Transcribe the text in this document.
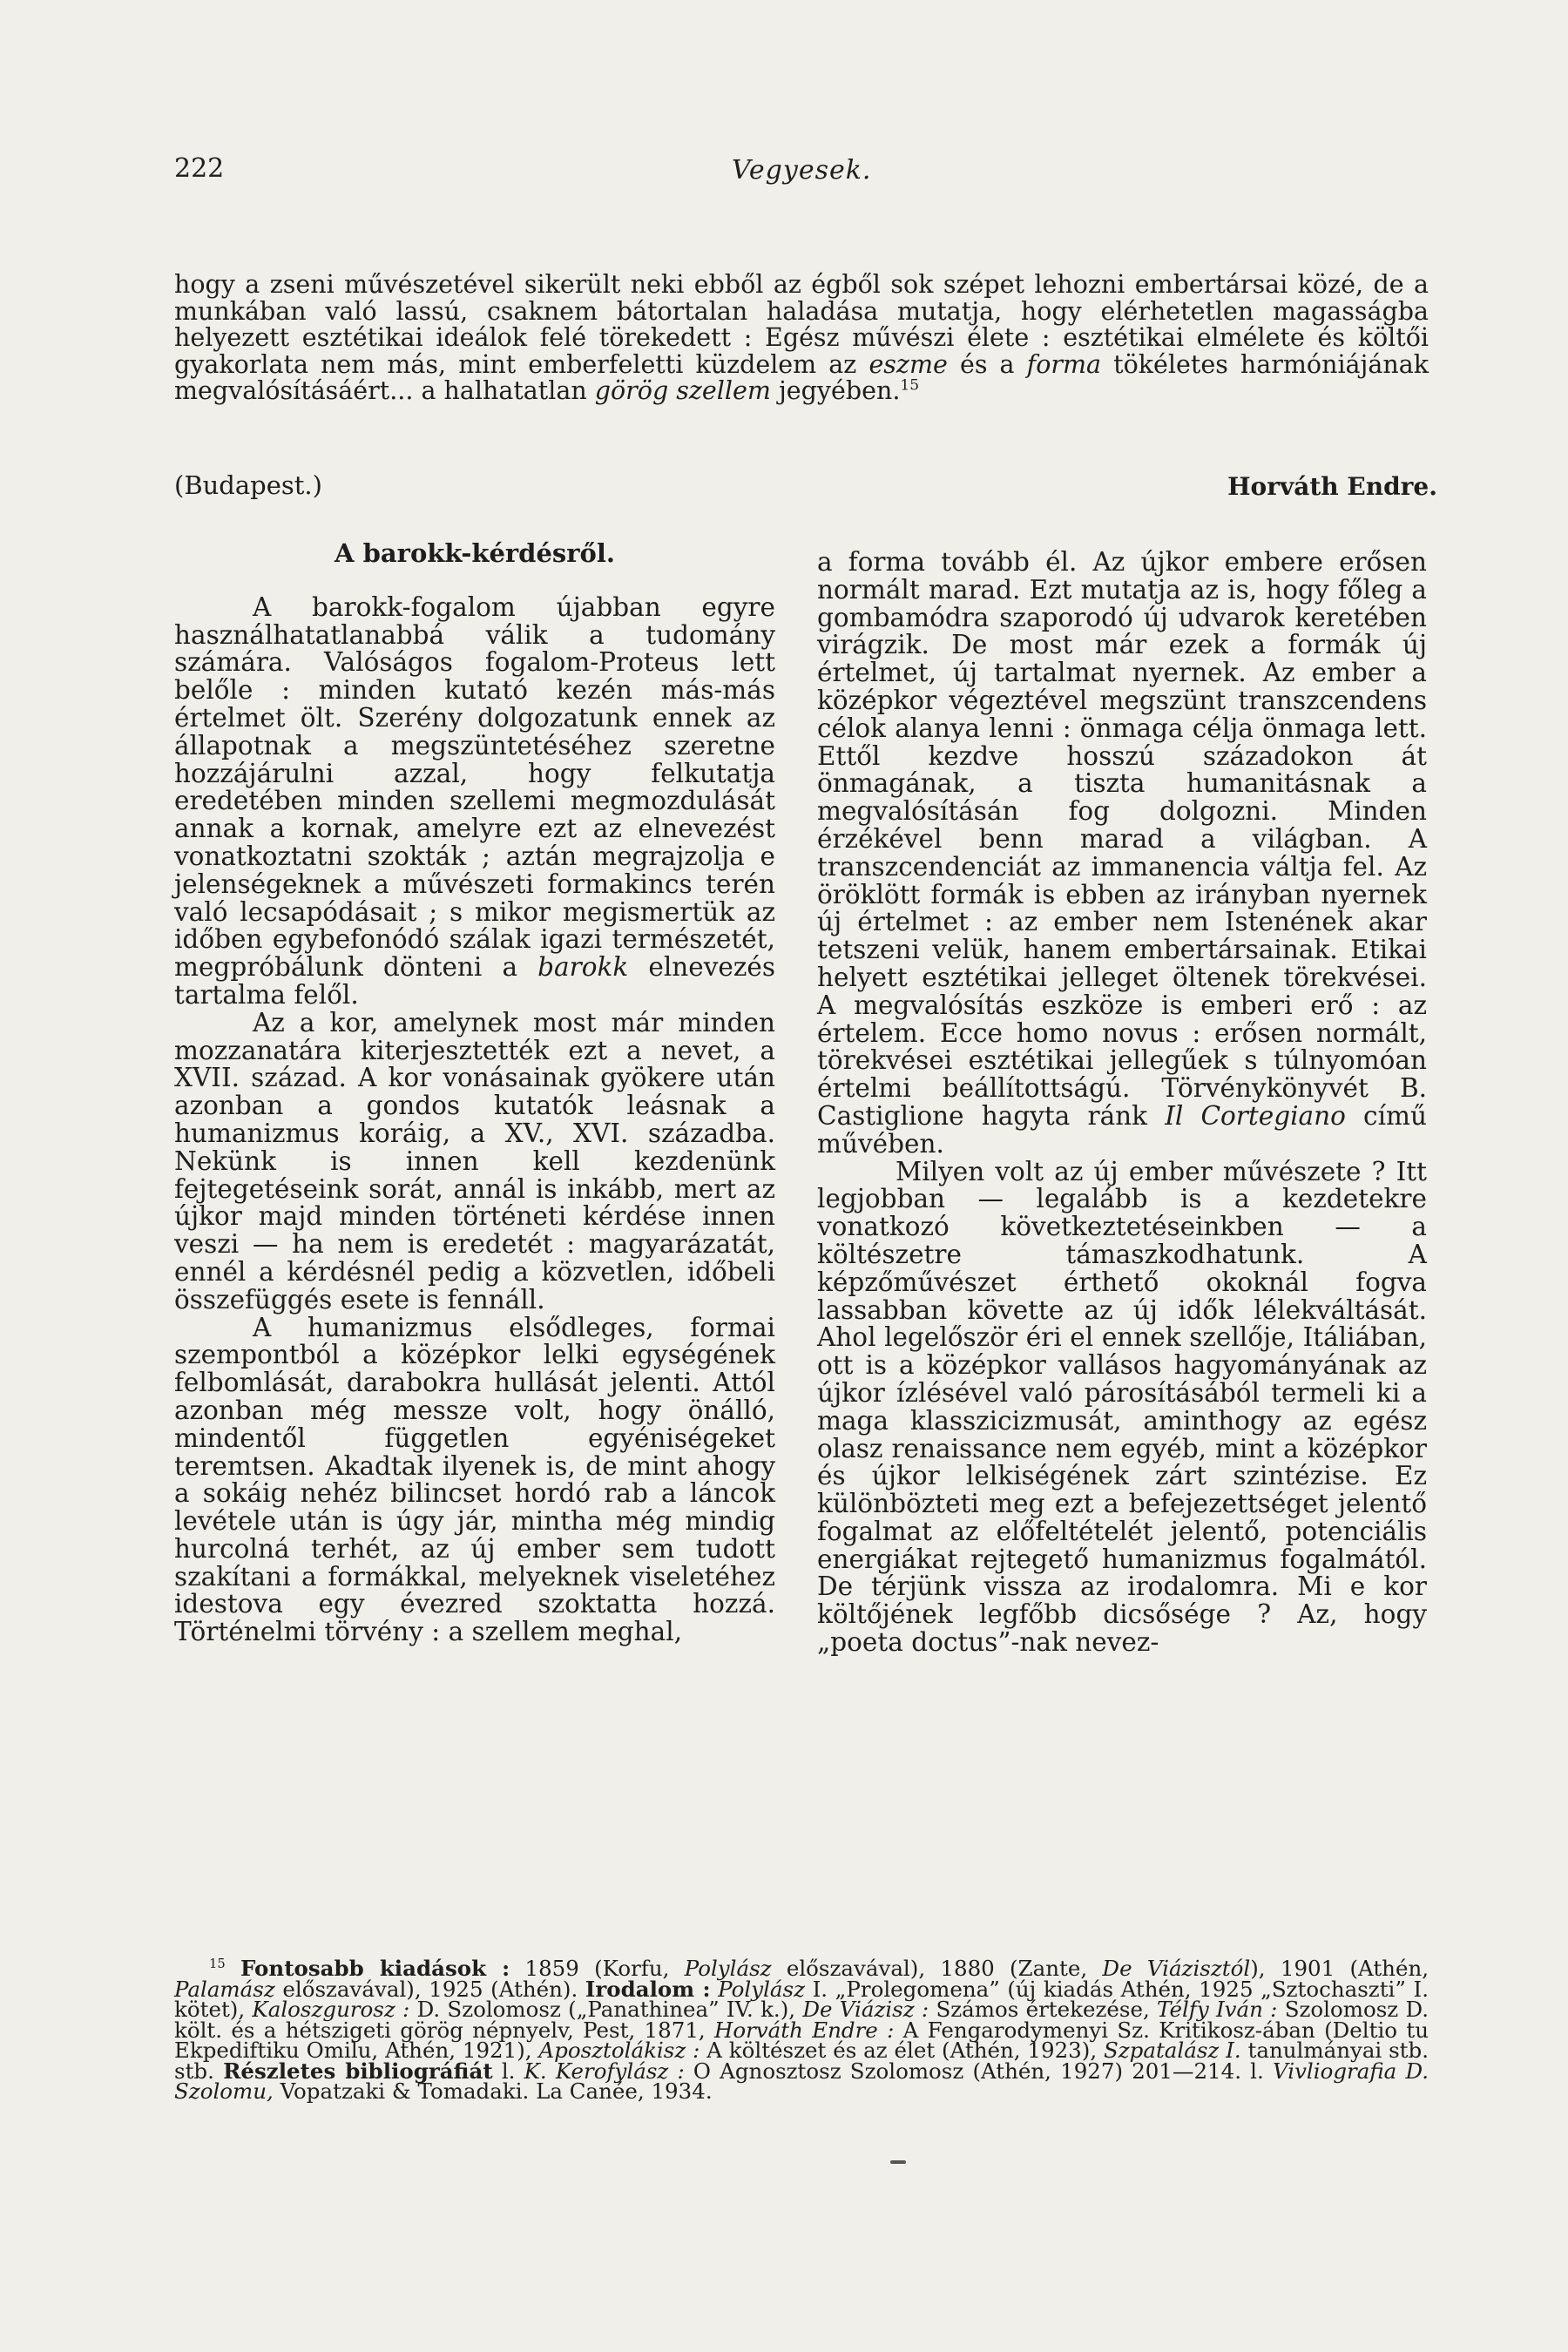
222	Vegyesek.

hogy a zseni művészetével sikerült neki ebből az égből sok szépet lehozni embertársai közé, de a munkában való lassú, csaknem bátortalan haladása mutatja, hogy elérhetetlen magasságba helyezett esztétikai ideálok felé törekedett : Egész művészi élete : esztétikai elmélete és költői gyakorlata nem más, mint emberfeletti küzdelem az eszme és a forma tökéletes harmóniájának megvalósításáért... a halhatatlan görög szellem jegyében.$^{15}$

(Budapest.)	Horváth Endre.
A barokk-kérdésről.

A barokk-fogalom újabban egyre használhatatlanabbá válik a tudomány számára. Valóságos fogalom-Proteus lett belőle : minden kutató kezén más-más értelmet ölt. Szerény dolgozatunk ennek az állapotnak a megszüntetéséhez szeretne hozzájárulni azzal, hogy felkutatja eredetében minden szellemi megmozdulását annak a kornak, amelyre ezt az elnevezést vonatkoztatni szokták ; aztán megrajzolja e jelenségeknek a művészeti formakincs terén való lecsapódásait ; s mikor megismertük az időben egybefonódó szálak igazi természetét, megpróbálunk dönteni a barokk elnevezés tartalma felől.

Az a kor, amelynek most már minden mozzanatára kiterjesztették ezt a nevet, a XVII. század. A kor vonásainak gyökere után azonban a gondos kutatók leásnak a humanizmus koráig, a XV., XVI. századba. Nekünk is innen kell kezdenünk fejtegetéseink sorát, annál is inkább, mert az újkor majd minden történeti kérdése innen veszi — ha nem is eredetét : magyarázatát, ennél a kérdésnél pedig a közvetlen, időbeli összefüggés esete is fennáll.

A humanizmus elsődleges, formai szempontból a középkor lelki egységének felbomlását, darabokra hullását jelenti. Attól azonban még messze volt, hogy önálló, mindentől független egyéniségeket teremtsen. Akadtak ilyenek is, de mint ahogy a sokáig nehéz bilincset hordó rab a láncok levétele után is úgy jár, mintha még mindig hurcolná terhét, az új ember sem tudott szakítani a formákkal, melyeknek viseletéhez idestova egy évezred szoktatta hozzá. Történelmi törvény : a szellem meghal,

a forma tovább él. Az újkor embere erősen normált marad. Ezt mutatja az is, hogy főleg a gombamódra szaporodó új udvarok keretében virágzik. De most már ezek a formák új értelmet, új tartalmat nyernek. Az ember a középkor végeztével megszünt transzcendens célok alanya lenni : önmaga célja önmaga lett. Ettől kezdve hosszú századokon át önmagának, a tiszta humanitásnak a megvalósításán fog dolgozni. Minden érzékével benn marad a világban. A transzcendenciát az immanencia váltja fel. Az öröklött formák is ebben az irányban nyernek új értelmet : az ember nem Istenének akar tetszeni velük, hanem embertársainak. Etikai helyett esztétikai jelleget öltenek törekvései. A megvalósítás eszköze is emberi erő : az értelem. Ecce homo novus : erősen normált, törekvései esztétikai jellegűek s túlnyomóan értelmi beállítottságú. Törvénykönyvét B. Castiglione hagyta ránk Il Cortegiano című művében.

Milyen volt az új ember művészete ? Itt legjobban — legalább is a kezdetekre vonatkozó következtetéseinkben — a költészetre támaszkodhatunk. A képzőművészet érthető okoknál fogva lassabban követte az új idők lélekváltását. Ahol legelőször éri el ennek szellője, Itáliában, ott is a középkor vallásos hagyományának az újkor ízlésével való párosításából termeli ki a maga klasszicizmusát, aminthogy az egész olasz renaissance nem egyéb, mint a középkor és újkor lelkiségének zárt szintézise. Ez különbözteti meg ezt a befejezettséget jelentő fogalmat az előfeltételét jelentő, potenciális energiákat rejtegető humanizmus fogalmától. De térjünk vissza az irodalomra. Mi e kor költőjének legfőbb dicsősége ? Az, hogy „poeta doctus”-nak nevez-

$^{15}$ Fontosabb kiadások : 1859 (Korfu, Polylász előszavával), 1880 (Zante, De Viázisztól), 1901 (Athén, Palamász előszavával), 1925 (Athén). Irodalom : Polylász I. „Prolegomena” (új kiadás Athén, 1925 „Sztochaszti” I. kötet), Kaloszgurosz : D. Szolomosz („Panathinea” IV. k.), De Viázisz : Számos értekezése, Télfy Iván : Szolomosz D. költ. és a hétszigeti görög népnyelv, Pest, 1871, Horváth Endre : A Fengarodymenyi Sz. Kritikosz-ában (Deltio tu Ekpediftiku Omilu, Athén, 1921), Aposztolákisz : A költészet és az élet (Athén, 1923), Szpatalász I. tanulmányai stb. stb. Részletes bibliográfiát l. K. Kerofylász : O Agnosztosz Szolomosz (Athén, 1927) 201—214. l. Vivliografia D. Szolomu, Vopatzaki & Tomadaki. La Canée, 1934.
